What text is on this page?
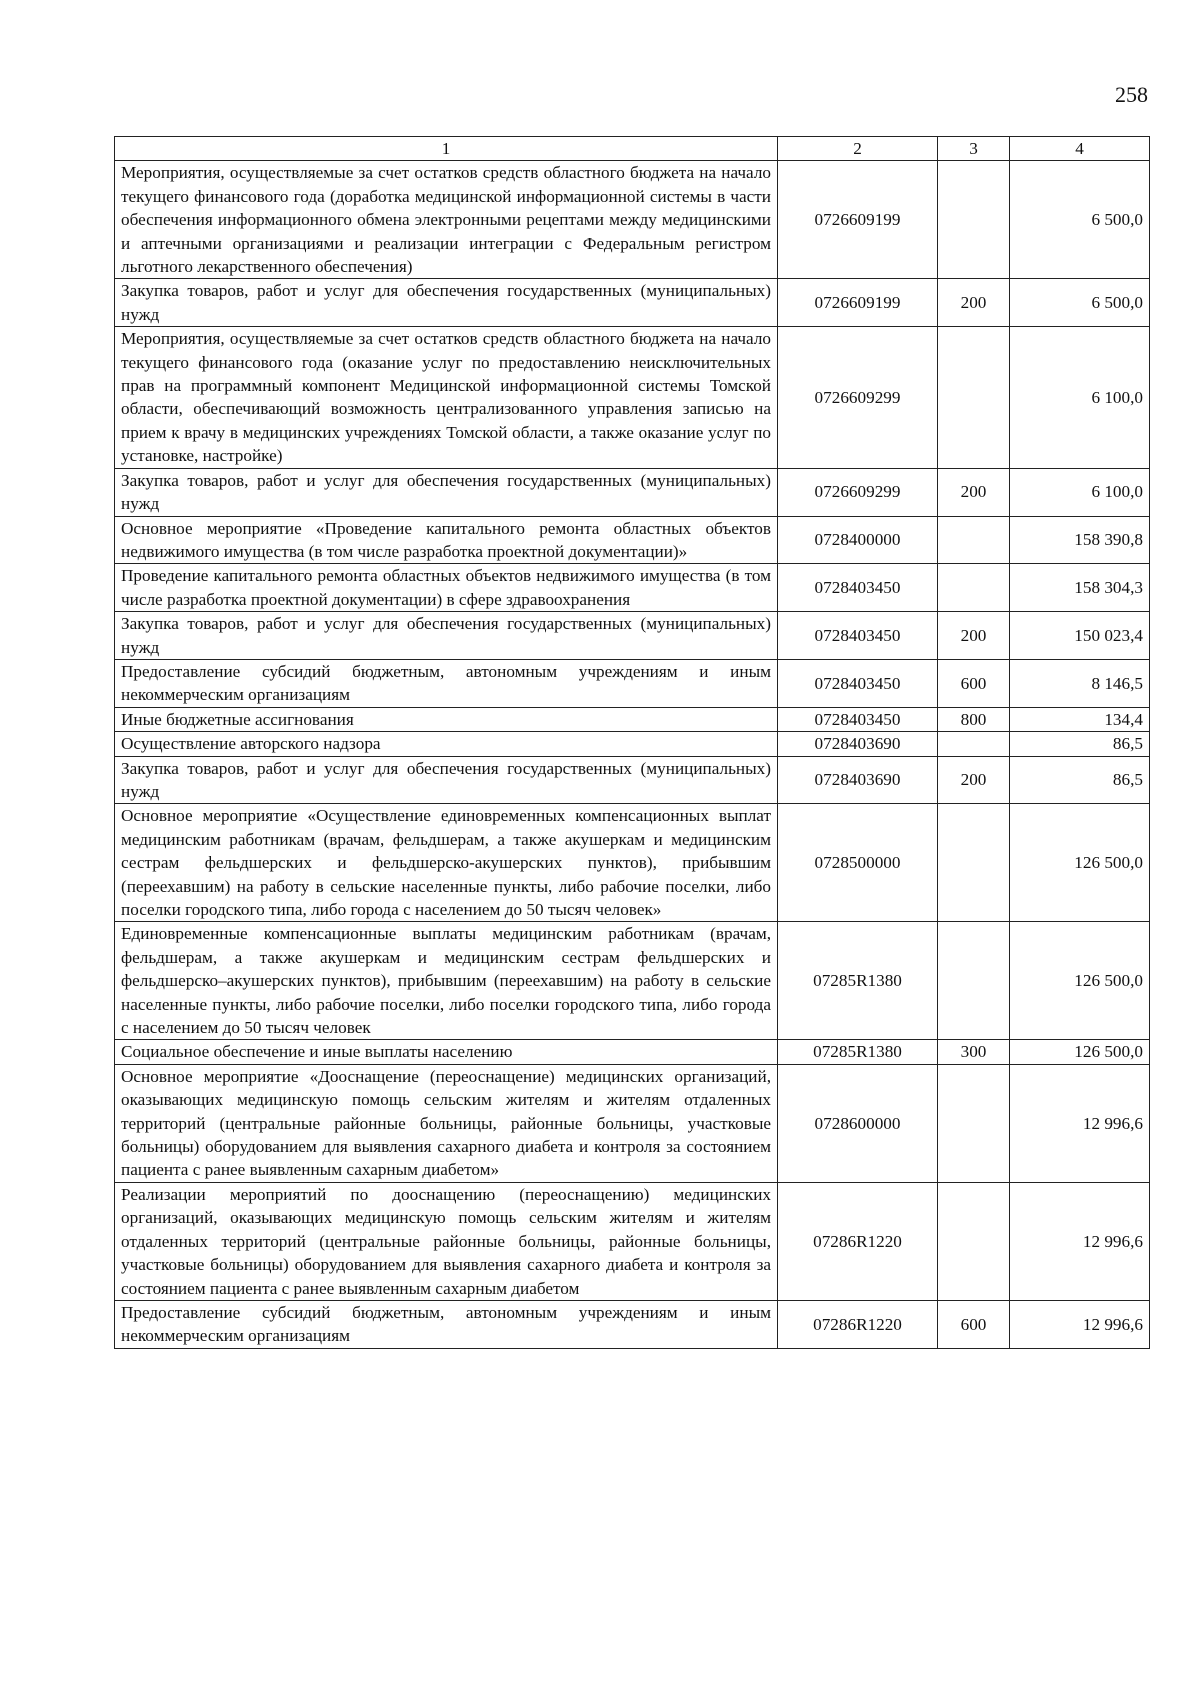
258
1	2	3	4
Мероприятия, осуществляемые за счет остатков средств областного бюджета на начало текущего финансового года (доработка медицинской информационной системы в части обеспечения информационного обмена электронными рецептами между медицинскими и аптечными организациями и реализации интеграции с Федеральным регистром льготного лекарственного обеспечения)	0726609199		6 500,0
Закупка товаров, работ и услуг для обеспечения государственных (муниципальных) нужд	0726609199	200	6 500,0
Мероприятия, осуществляемые за счет остатков средств областного бюджета на начало текущего финансового года (оказание услуг по предоставлению неисключительных прав на программный компонент Медицинской информационной системы Томской области, обеспечивающий возможность централизованного управления записью на прием к врачу в медицинских учреждениях Томской области, а также оказание услуг по установке, настройке)	0726609299		6 100,0
Закупка товаров, работ и услуг для обеспечения государственных (муниципальных) нужд	0726609299	200	6 100,0
Основное мероприятие «Проведение капитального ремонта областных объектов недвижимого имущества (в том числе разработка проектной документации)»	0728400000		158 390,8
Проведение капитального ремонта областных объектов недвижимого имущества (в том числе разработка проектной документации) в сфере здравоохранения	0728403450		158 304,3
Закупка товаров, работ и услуг для обеспечения государственных (муниципальных) нужд	0728403450	200	150 023,4
Предоставление субсидий бюджетным, автономным учреждениям и иным некоммерческим организациям	0728403450	600	8 146,5
Иные бюджетные ассигнования	0728403450	800	134,4
Осуществление авторского надзора	0728403690		86,5
Закупка товаров, работ и услуг для обеспечения государственных (муниципальных) нужд	0728403690	200	86,5
Основное мероприятие «Осуществление единовременных компенсационных выплат медицинским работникам (врачам, фельдшерам, а также акушеркам и медицинским сестрам фельдшерских и фельдшерско-акушерских пунктов), прибывшим (переехавшим) на работу в сельские населенные пункты, либо рабочие поселки, либо поселки городского типа, либо города с населением до 50 тысяч человек»	0728500000		126 500,0
Единовременные компенсационные выплаты медицинским работникам (врачам, фельдшерам, а также акушеркам и медицинским сестрам фельдшерских и фельдшерско–акушерских пунктов), прибывшим (переехавшим) на работу в сельские населенные пункты, либо рабочие поселки, либо поселки городского типа, либо города с населением до 50 тысяч человек	07285R1380		126 500,0
Социальное обеспечение и иные выплаты населению	07285R1380	300	126 500,0
Основное мероприятие «Дооснащение (переоснащение) медицинских организаций, оказывающих медицинскую помощь сельским жителям и жителям отдаленных территорий (центральные районные больницы, районные больницы, участковые больницы) оборудованием для выявления сахарного диабета и контроля за состоянием пациента с ранее выявленным сахарным диабетом»	0728600000		12 996,6
Реализации мероприятий по дооснащению (переоснащению) медицинских организаций, оказывающих медицинскую помощь сельским жителям и жителям отдаленных территорий (центральные районные больницы, районные больницы, участковые больницы) оборудованием для выявления сахарного диабета и контроля за состоянием пациента с ранее выявленным сахарным диабетом	07286R1220		12 996,6
Предоставление субсидий бюджетным, автономным учреждениям и иным некоммерческим организациям	07286R1220	600	12 996,6
